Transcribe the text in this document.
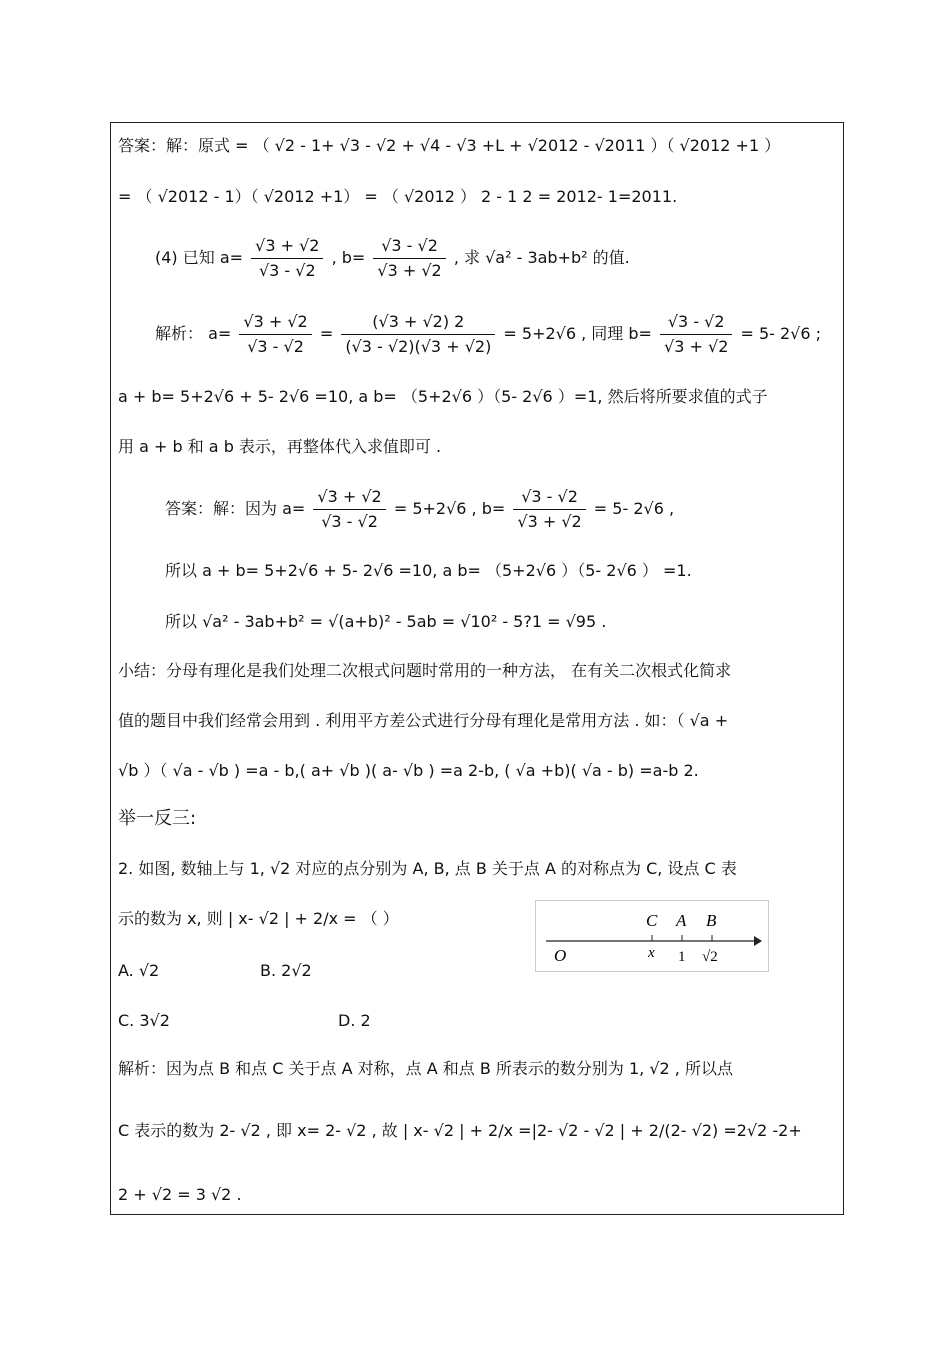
答案：解：原式 = （ √2 - 1+ √3 - √2 + √4 - √3 +L + √2012 - √2011 ）（ √2012 +1 ）
= （ √2012 - 1）（ √2012 +1） = （ √2012 ） 2 - 1 2 = 2012- 1=2011.
(4) 已知 $a= \frac{√3 + √2}{√3 - √2}$ , $b= \frac{√3 - √2}{√3 + √2}$ , 求 √a² - 3ab+b² 的值.
解析： $a= \frac{√3 + √2}{√3 - √2} = \frac{(√3 + √2) 2}{(√3 - √2)(√3 + √2)} = 5+2√6$ , 同理 $b= \frac{√3 - √2}{√3 + √2} = 5-$ 2√6 ;
a + b= 5+2√6 + 5- 2√6 =10, a b= （5+2√6 ）（5- 2√6 ）=1, 然后将所要求值的式子
用 a + b 和 a b 表示，再整体代入求值即可 .
答案：解：因为 $a= \frac{√3 + √2}{√3 - √2} = 5+2√6$ , $b= \frac{√3 - √2}{√3 + √2} = 5-$ 2√6 ,
所以 a + b= 5+2√6 + 5- 2√6 =10, a b= （5+2√6 ）（5- 2√6 ） =1.
所以 √a² - 3ab+b² = √(a+b)² - 5ab = √10² - 5?1 = √95 .
小结：分母有理化是我们处理二次根式问题时常用的一种方法， 在有关二次根式化简求
值的题目中我们经常会用到 . 利用平方差公式进行分母有理化是常用方法 . 如：（ √a +
√b ）（ √a - √b ) =a - b,( a+ √b )( a- √b ) =a 2-b, ( √a +b)( √a - b) =a-b 2.
举一反三:
2. 如图, 数轴上与 1, √2 对应的点分别为 A, B, 点 B 关于点 A 的对称点为 C, 设点 C 表
示的数为 x, 则 | x- √2 | + 2/x = （ ）	C A B
O	x 1 √2
A. √2	B. 2√2
C. 3√2	D. 2
解析：因为点 B 和点 C 关于点 A 对称，点 A 和点 B 所表示的数分别为 1, √2 , 所以点
C 表示的数为 2- √2 , 即 x= 2- √2 , 故 | x- √2 | + 2/x =|2- √2 - √2 | + 2/(2- √2) =2√2 -2+
2 + √2 = 3 √2 .
